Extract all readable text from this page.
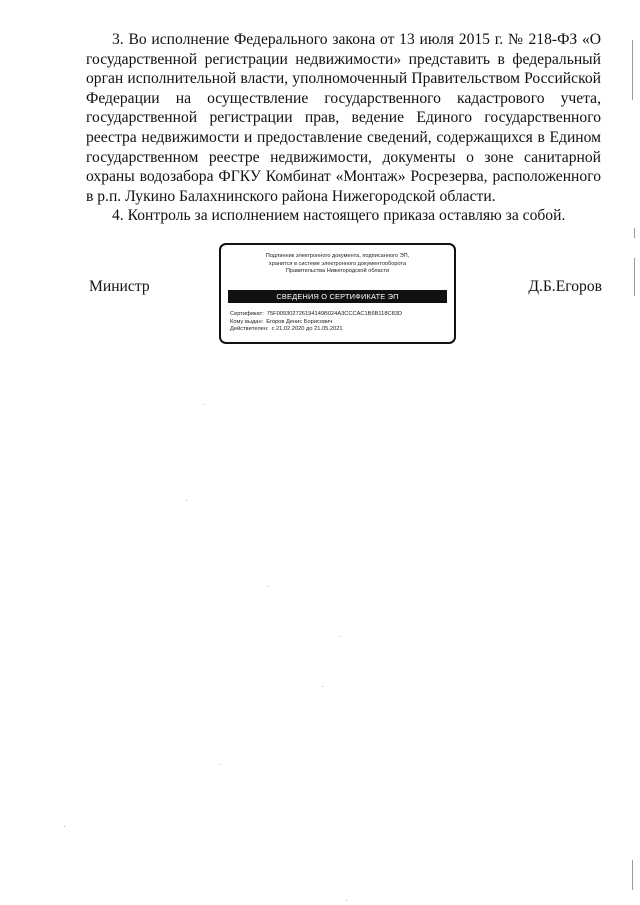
3. Во исполнение Федерального закона от 13 июля 2015 г. № 218-ФЗ «О государственной регистрации недвижимости» представить в федеральный орган исполнительной власти, уполномоченный Правительством Российской Федерации на осуществление государственного кадастрового учета, государственной регистрации прав, ведение Единого государственного реестра недвижимости и предоставление сведений, содержащихся в Едином государственном реестре недвижимости, документы о зоне санитарной охраны водозабора ФГКУ Комбинат «Монтаж» Росрезерва, расположенного в р.п. Лукино Балахнинского района Нижегородской области.

4. Контроль за исполнением настоящего приказа оставляю за собой.

Министр
Подлинник электронного документа, подписанного ЭП,
хранится в системе электронного документооборота
Правительства Нижегородской области
СВЕДЕНИЯ О СЕРТИФИКАТЕ ЭП
Сертификат: 75F009302726194149B024A3CCCAC1B6B118C83D
Кому выдан: Егоров Денис Борисович
Действителен: с 21.02.2020 до 21.05.2021
Д.Б.Егоров
